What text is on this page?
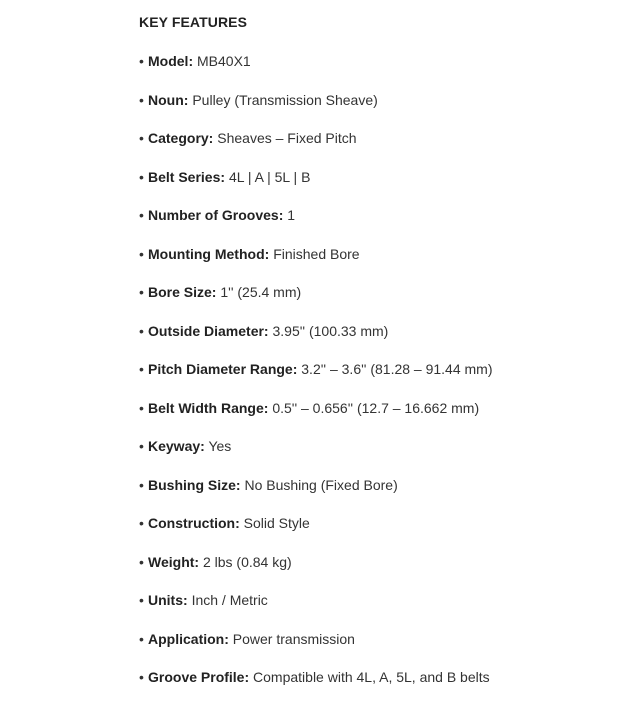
KEY FEATURES
• Model: MB40X1
• Noun: Pulley (Transmission Sheave)
• Category: Sheaves – Fixed Pitch
• Belt Series: 4L | A | 5L | B
• Number of Grooves: 1
• Mounting Method: Finished Bore
• Bore Size: 1'' (25.4 mm)
• Outside Diameter: 3.95'' (100.33 mm)
• Pitch Diameter Range: 3.2'' – 3.6'' (81.28 – 91.44 mm)
• Belt Width Range: 0.5'' – 0.656'' (12.7 – 16.662 mm)
• Keyway: Yes
• Bushing Size: No Bushing (Fixed Bore)
• Construction: Solid Style
• Weight: 2 lbs (0.84 kg)
• Units: Inch / Metric
• Application: Power transmission
• Groove Profile: Compatible with 4L, A, 5L, and B belts
